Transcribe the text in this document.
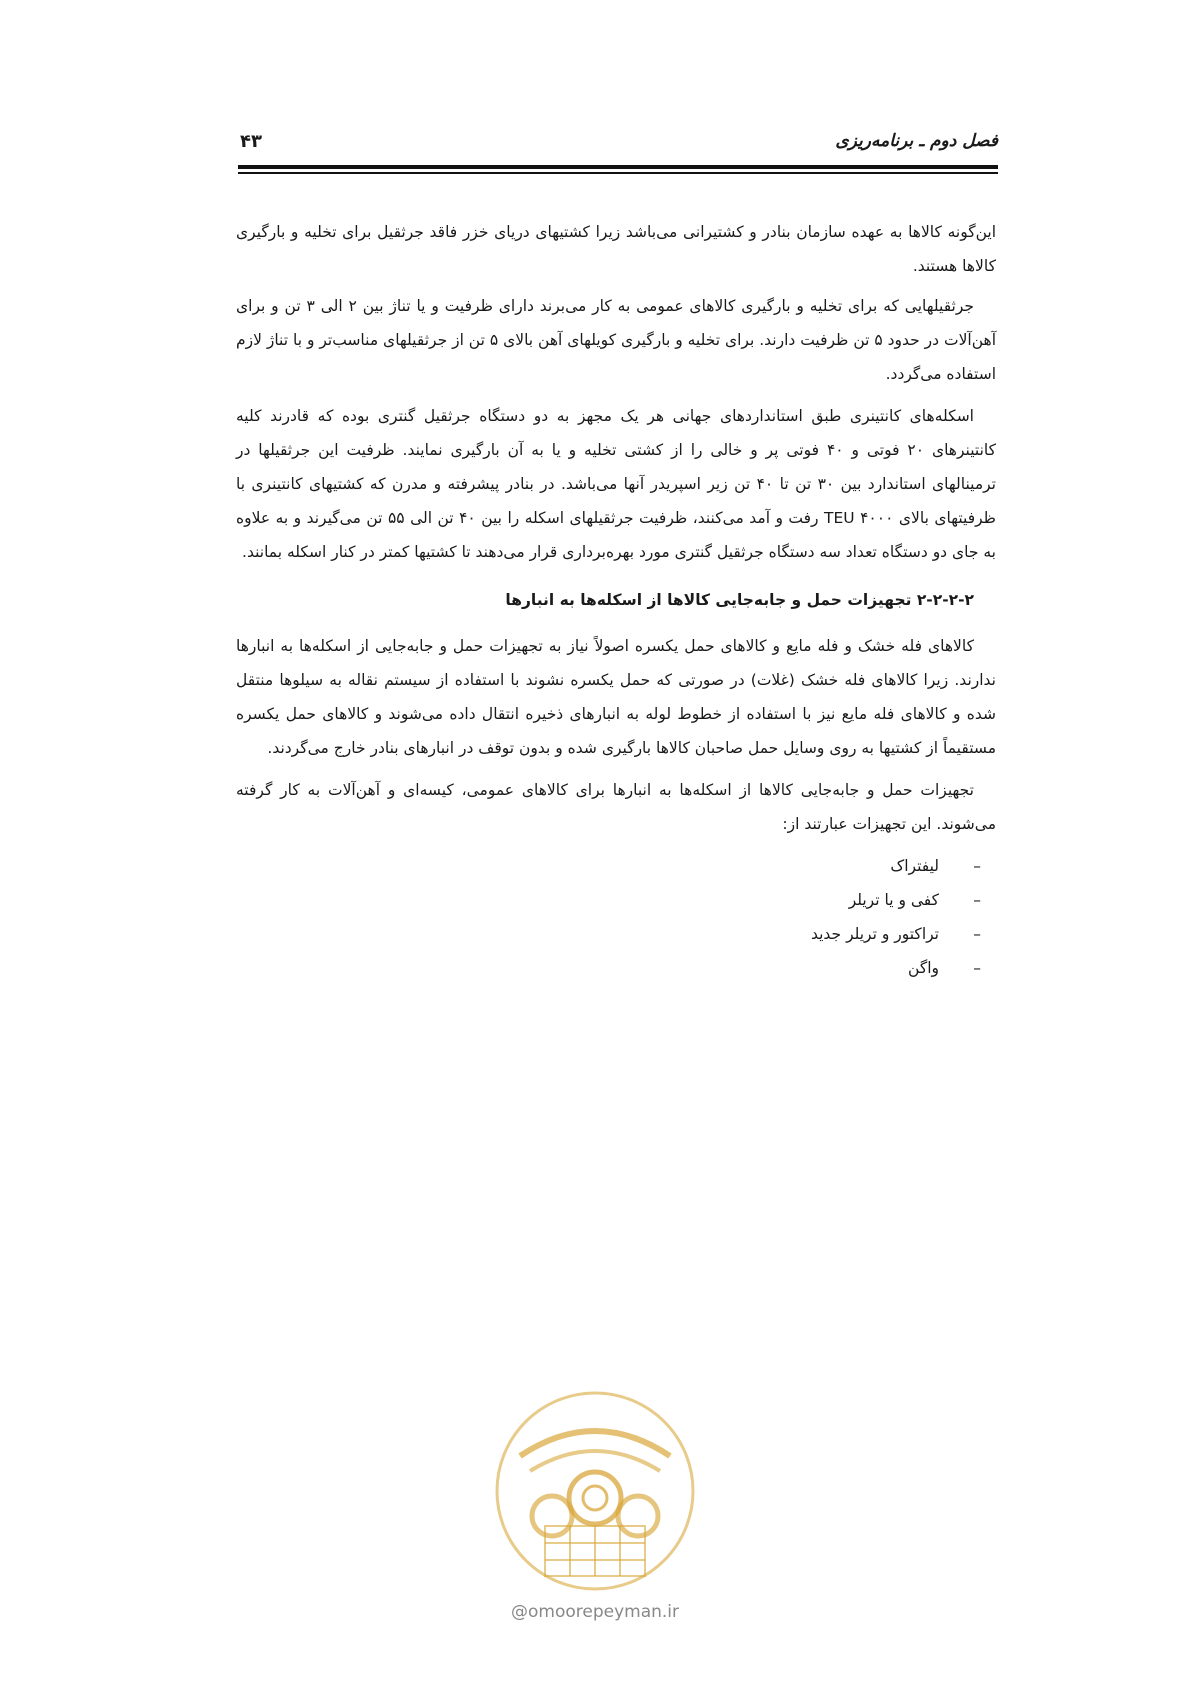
فصل دوم ـ برنامه‌ریزی
۴۳

این‌گونه کالاها به عهده سازمان بنادر و کشتیرانی می‌باشد زیرا کشتیهای دریای خزر فاقد جرثقیل برای تخلیه و بارگیری کالاها هستند.

جرثقیلهایی که برای تخلیه و بارگیری کالاهای عمومی به کار می‌برند دارای ظرفیت و یا تناژ بین ۲ الی ۳ تن و برای آهن‌آلات در حدود ۵ تن ظرفیت دارند. برای تخلیه و بارگیری کویلهای آهن بالای ۵ تن از جرثقیلهای مناسب‌تر و با تناژ لازم استفاده می‌گردد.

اسکله‌های کانتینری طبق استانداردهای جهانی هر یک مجهز به دو دستگاه جرثقیل گنتری بوده که قادرند کلیه کانتینرهای ۲۰ فوتی و ۴۰ فوتی پر و خالی را از کشتی تخلیه و یا به آن بارگیری نمایند. ظرفیت این جرثقیلها در ترمینالهای استاندارد بین ۳۰ تن تا ۴۰ تن زیر اسپریدر آنها می‌باشد. در بنادر پیشرفته و مدرن که کشتیهای کانتینری با ظرفیتهای بالای ۴۰۰۰ TEU رفت و آمد می‌کنند، ظرفیت جرثقیلهای اسکله را بین ۴۰ تن الی ۵۵ تن می‌گیرند و به علاوه به جای دو دستگاه تعداد سه دستگاه جرثقیل گنتری مورد بهره‌برداری قرار می‌دهند تا کشتیها کمتر در کنار اسکله بمانند.

۲-۲-۲-۲ تجهیزات حمل و جابه‌جایی کالاها از اسکله‌ها به انبارها

کالاهای فله خشک و فله مایع و کالاهای حمل یکسره اصولاً نیاز به تجهیزات حمل و جابه‌جایی از اسکله‌ها به انبارها ندارند. زیرا کالاهای فله خشک (غلات) در صورتی که حمل یکسره نشوند با استفاده از سیستم نقاله به سیلوها منتقل شده و کالاهای فله مایع نیز با استفاده از خطوط لوله به انبارهای ذخیره انتقال داده می‌شوند و کالاهای حمل یکسره مستقیماً از کشتیها به روی وسایل حمل صاحبان کالاها بارگیری شده و بدون توقف در انبارهای بنادر خارج می‌گردند.

تجهیزات حمل و جابه‌جایی کالاها از اسکله‌ها به انبارها برای کالاهای عمومی، کیسه‌ای و آهن‌آلات به کار گرفته می‌شوند. این تجهیزات عبارتند از:

–
لیفتراک
–
کفی و یا تریلر
–
تراکتور و تریلر جدید
–
واگن
@omoorepeyman.ir
